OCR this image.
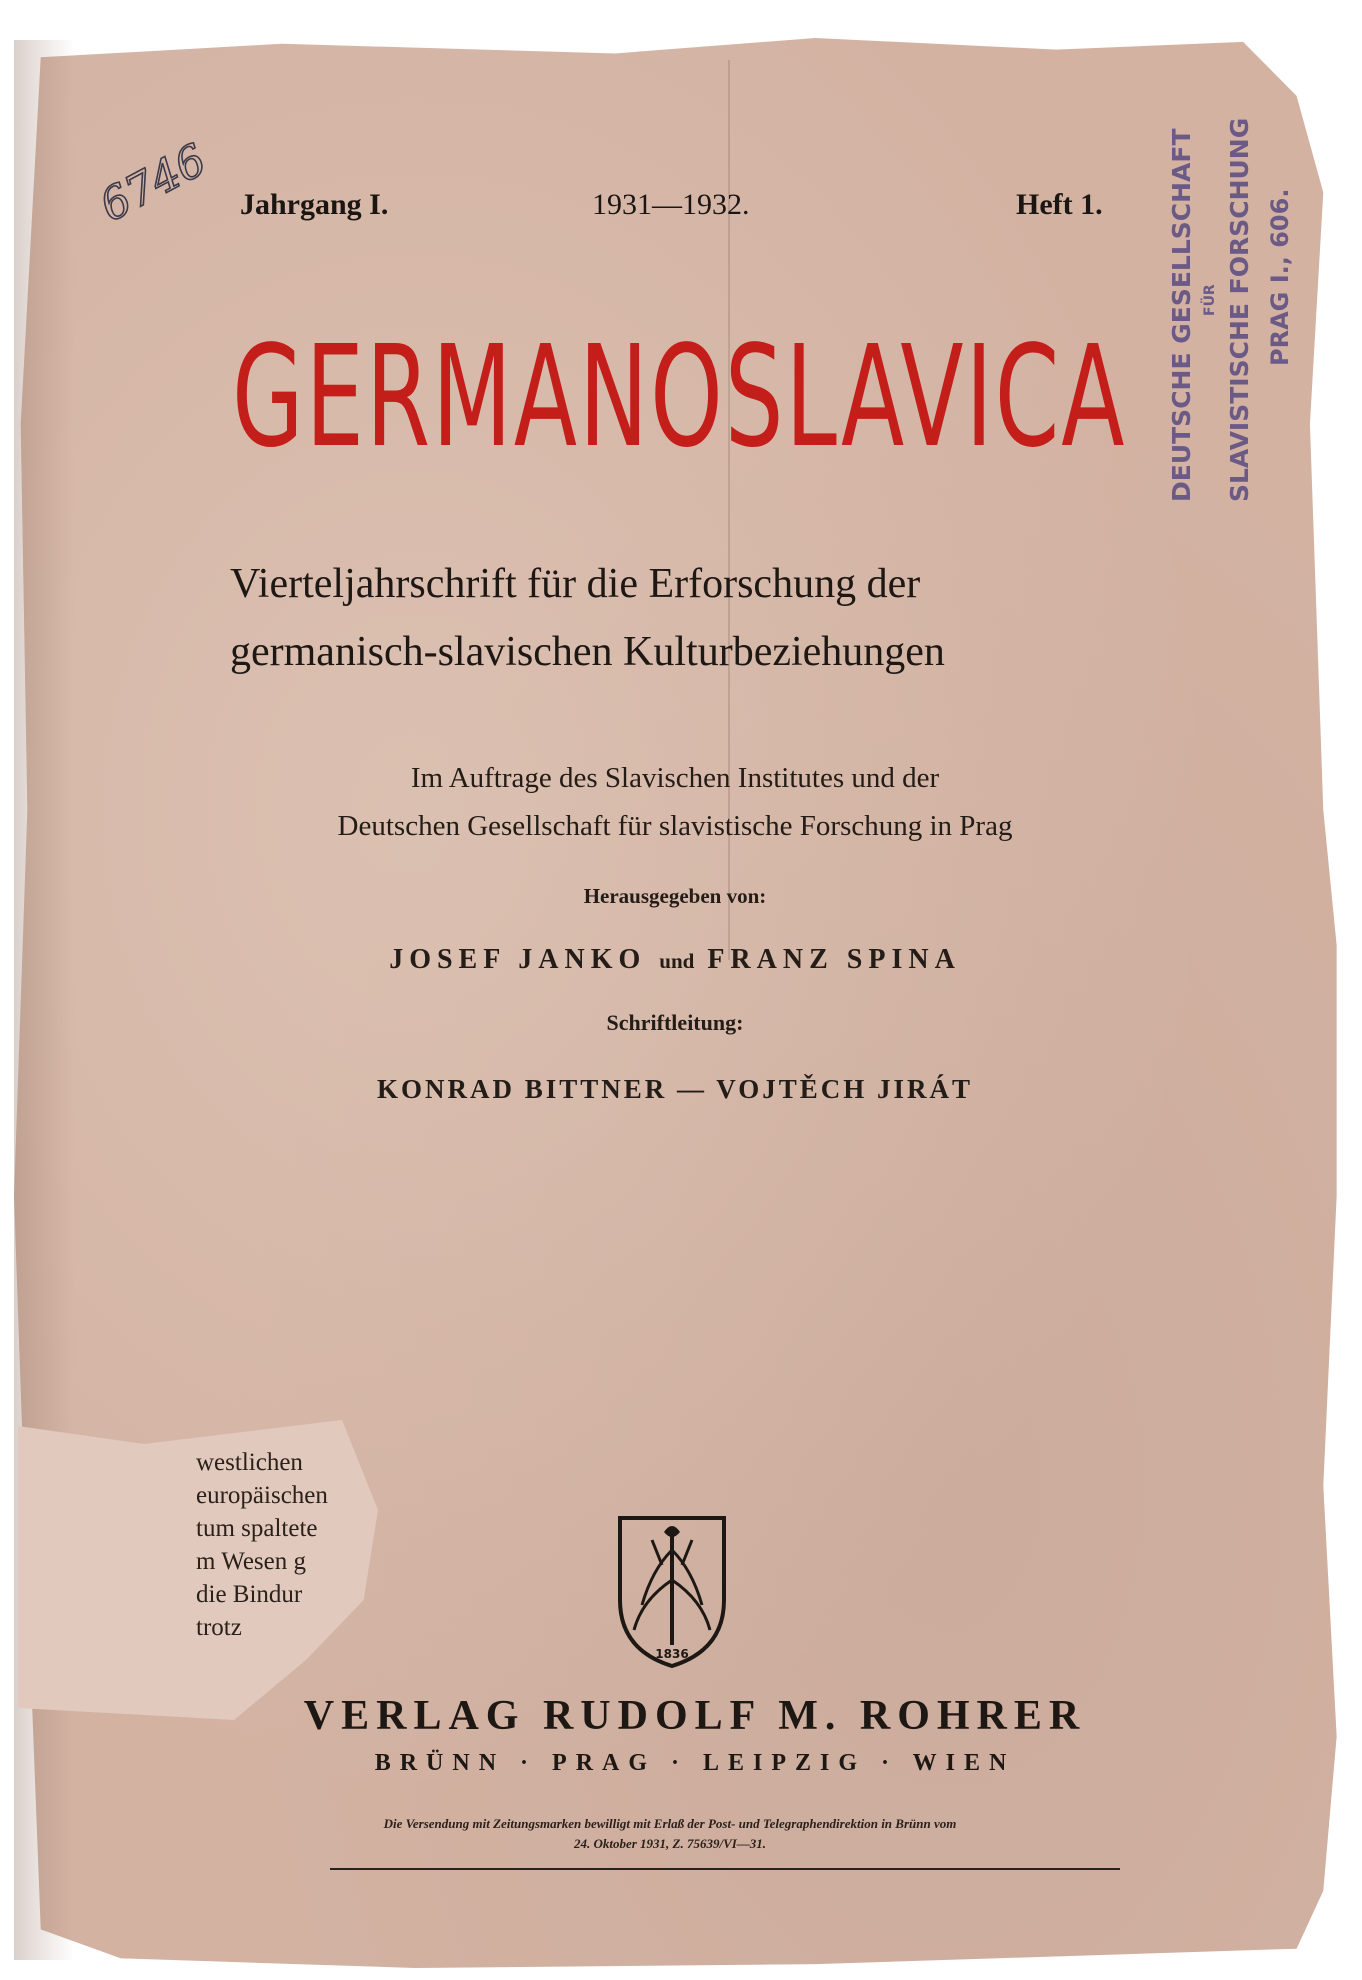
6746 Jahrgang I.	1931—1932.	Heft 1.
GERMANOSLAVICA
Vierteljahrschrift für die Erforschung der
germanisch-slavischen Kulturbeziehungen
Im Auftrage des Slavischen Institutes und der
Deutschen Gesellschaft für slavistische Forschung in Prag
Herausgegeben von:
JOSEF JANKO und FRANZ SPINA
Schriftleitung:
KONRAD BITTNER — VOJTĚCH JIRÁT
DEUTSCHE GESELLSCHAFT FÜR SLAVISTISCHE FORSCHUNG PRAG I., 606.
westlichen
europäischen
tum spaltete
m Wesen g
die Bindur
trotz
1836
VERLAG RUDOLF M. ROHRER
BRÜNN · PRAG · LEIPZIG · WIEN
Die Versendung mit Zeitungsmarken bewilligt mit Erlaß der Post- und Telegraphendirektion in Brünn vom
24. Oktober 1931, Z. 75639/VI—31.
